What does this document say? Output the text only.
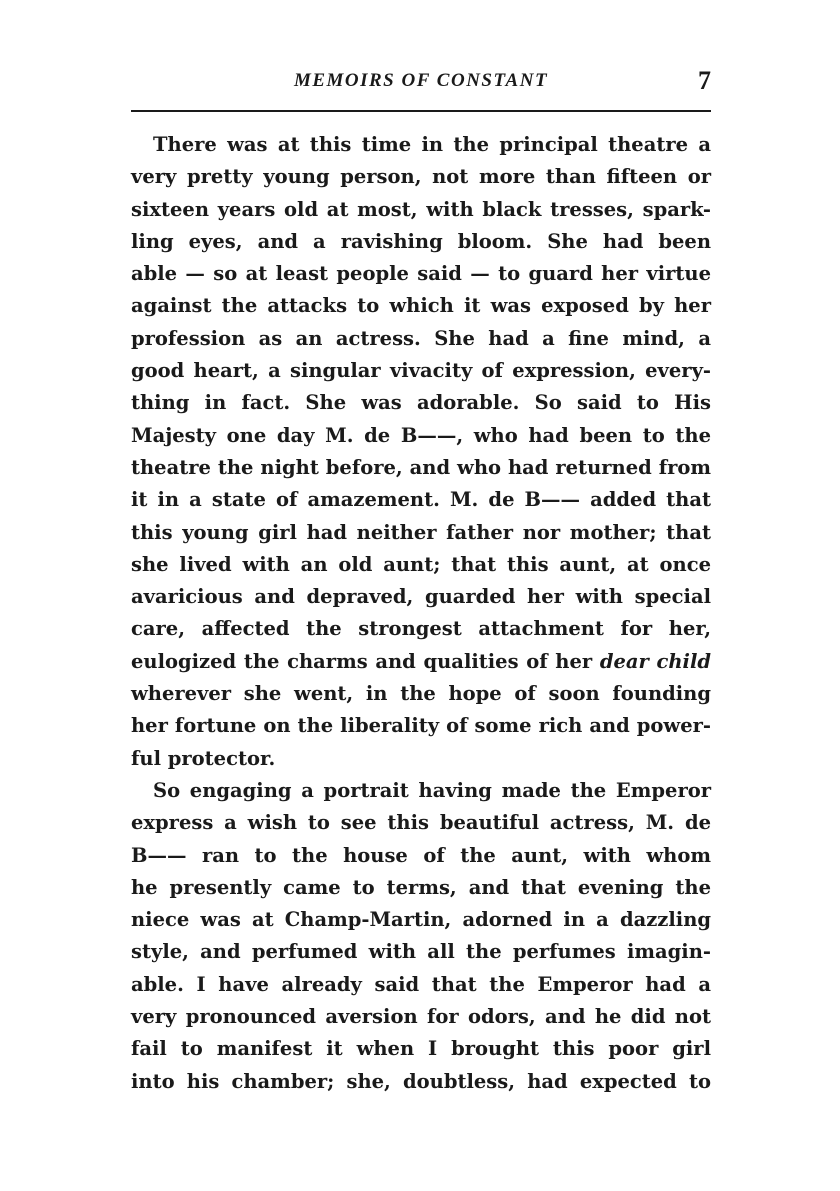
MEMOIRS OF CONSTANT	7
There was at this time in the principal theatre a
very pretty young person, not more than fifteen or
sixteen years old at most, with black tresses, spark-
ling eyes, and a ravishing bloom. She had been
able — so at least people said — to guard her virtue
against the attacks to which it was exposed by her
profession as an actress. She had a fine mind, a
good heart, a singular vivacity of expression, every-
thing in fact. She was adorable. So said to His
Majesty one day M. de B——, who had been to the
theatre the night before, and who had returned from
it in a state of amazement. M. de B—— added that
this young girl had neither father nor mother; that
she lived with an old aunt; that this aunt, at once
avaricious and depraved, guarded her with special
care, affected the strongest attachment for her,
eulogized the charms and qualities of her dear child
wherever she went, in the hope of soon founding
her fortune on the liberality of some rich and power-
ful protector.
So engaging a portrait having made the Emperor
express a wish to see this beautiful actress, M. de
B—— ran to the house of the aunt, with whom
he presently came to terms, and that evening the
niece was at Champ-Martin, adorned in a dazzling
style, and perfumed with all the perfumes imagin-
able. I have already said that the Emperor had a
very pronounced aversion for odors, and he did not
fail to manifest it when I brought this poor girl
into his chamber; she, doubtless, had expected to
